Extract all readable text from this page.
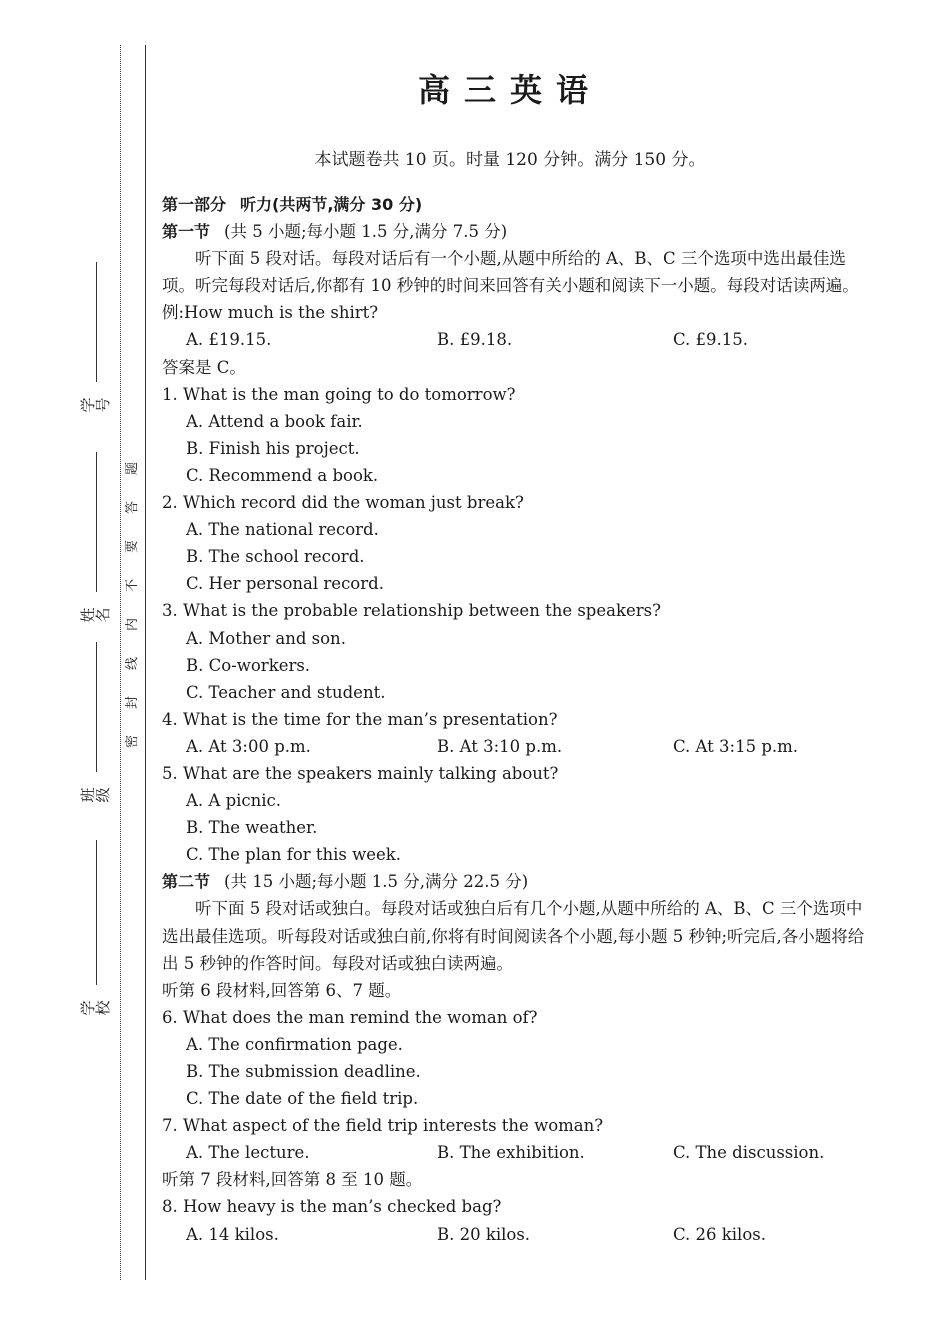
学号
姓名
班级
学校
题
答
要
不
内
线
封
密
高三英语
本试题卷共 10 页。时量 120 分钟。满分 150 分。

第一部分 听力(共两节,满分 30 分)

第一节 (共 5 小题;每小题 1.5 分,满分 7.5 分)

听下面 5 段对话。每段对话后有一个小题,从题中所给的 A、B、C 三个选项中选出最佳选项。听完每段对话后,你都有 10 秒钟的时间来回答有关小题和阅读下一小题。每段对话读两遍。

例:How much is the shirt?

A. £19.15.	B. £9.18.	C. £9.15.

答案是 C。

1. What is the man going to do tomorrow?

A. Attend a book fair.

B. Finish his project.

C. Recommend a book.

2. Which record did the woman just break?

A. The national record.

B. The school record.

C. Her personal record.

3. What is the probable relationship between the speakers?

A. Mother and son.

B. Co-workers.

C. Teacher and student.

4. What is the time for the man’s presentation?

A. At 3:00 p.m.	B. At 3:10 p.m.	C. At 3:15 p.m.

5. What are the speakers mainly talking about?

A. A picnic.

B. The weather.

C. The plan for this week.

第二节 (共 15 小题;每小题 1.5 分,满分 22.5 分)

听下面 5 段对话或独白。每段对话或独白后有几个小题,从题中所给的 A、B、C 三个选项中选出最佳选项。听每段对话或独白前,你将有时间阅读各个小题,每小题 5 秒钟;听完后,各小题将给出 5 秒钟的作答时间。每段对话或独白读两遍。

听第 6 段材料,回答第 6、7 题。

6. What does the man remind the woman of?

A. The confirmation page.

B. The submission deadline.

C. The date of the field trip.

7. What aspect of the field trip interests the woman?

A. The lecture.	B. The exhibition.	C. The discussion.

听第 7 段材料,回答第 8 至 10 题。

8. How heavy is the man’s checked bag?

A. 14 kilos.	B. 20 kilos.	C. 26 kilos.
